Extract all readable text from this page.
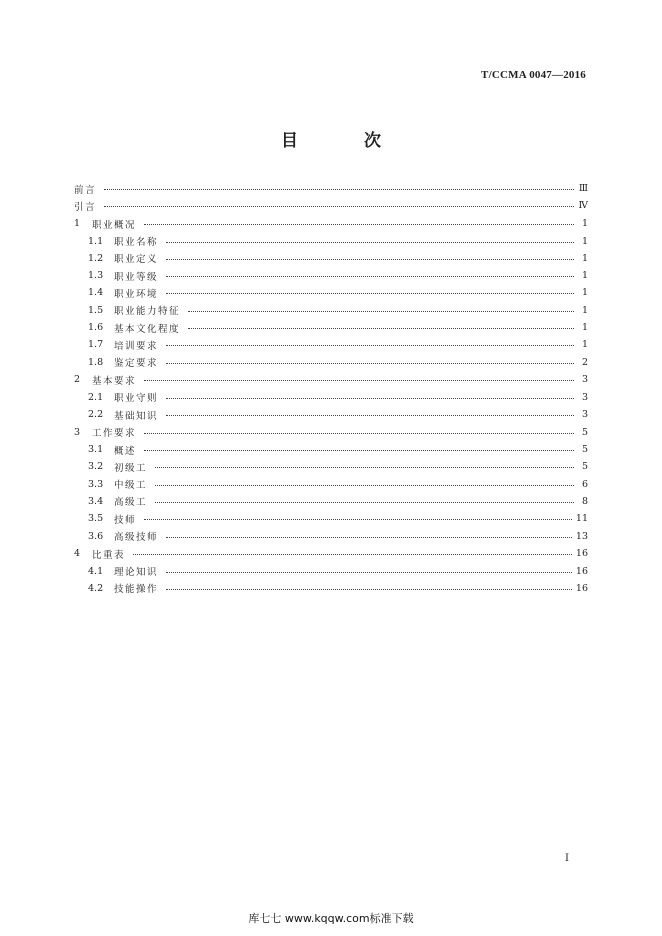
T/CCMA 0047—2016
目 次
前言	Ⅲ
引言	Ⅳ
1	职业概况	1
1.1	职业名称	1
1.2	职业定义	1
1.3	职业等级	1
1.4	职业环境	1
1.5	职业能力特征	1
1.6	基本文化程度	1
1.7	培训要求	1
1.8	鉴定要求	2
2	基本要求	3
2.1	职业守则	3
2.2	基础知识	3
3	工作要求	5
3.1	概述	5
3.2	初级工	5
3.3	中级工	6
3.4	高级工	8
3.5	技师	11
3.6	高级技师	13
4	比重表	16
4.1	理论知识	16
4.2	技能操作	16
I
库七七 www.kqqw.com标准下载
